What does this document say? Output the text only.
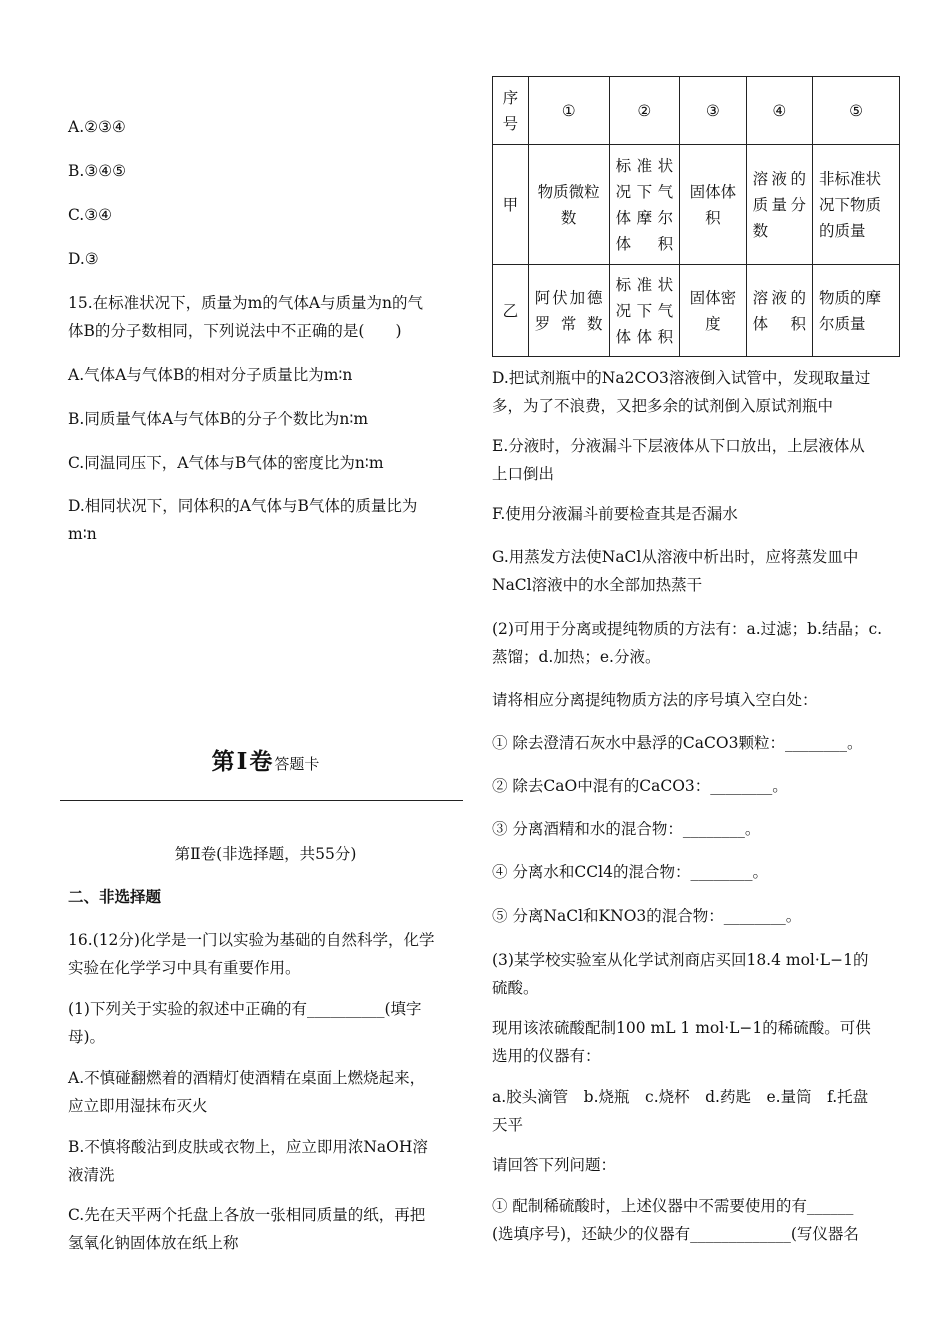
A.②③④

B.③④⑤

C.③④

D.③

15.在标准状况下，质量为m的气体A与质量为n的气

体B的分子数相同，下列说法中不正确的是(　　)

A.气体A与气体B的相对分子质量比为m∶n

B.同质量气体A与气体B的分子个数比为n∶m

C.同温同压下，A气体与B气体的密度比为n∶m

D.相同状况下，同体积的A气体与B气体的质量比为

m∶n

第Ⅰ卷答题卡

第Ⅱ卷(非选择题，共55分)

二、非选择题

16.(12分)化学是一门以实验为基础的自然科学，化学

实验在化学学习中具有重要作用。

(1)下列关于实验的叙述中正确的有__________(填字

母)。

A.不慎碰翻燃着的酒精灯使酒精在桌面上燃烧起来，

应立即用湿抹布灭火

B.不慎将酸沾到皮肤或衣物上，应立即用浓NaOH溶

液清洗

C.先在天平两个托盘上各放一张相同质量的纸，再把

氢氧化钠固体放在纸上称

序号	①	②	③	④	⑤
甲	物质微粒数	标准状况下气体摩尔体积	固体体积	溶液的质量分数	非标准状况下物质的质量
乙	阿伏加德罗常数	标准状况下气体体积	固体密度	溶液的体积	物质的摩尔质量

D.把试剂瓶中的Na2CO3溶液倒入试管中，发现取量过

多，为了不浪费，又把多余的试剂倒入原试剂瓶中

E.分液时，分液漏斗下层液体从下口放出，上层液体从

上口倒出

F.使用分液漏斗前要检查其是否漏水

G.用蒸发方法使NaCl从溶液中析出时，应将蒸发皿中

NaCl溶液中的水全部加热蒸干

(2)可用于分离或提纯物质的方法有：a.过滤；b.结晶；c.

蒸馏；d.加热；e.分液。

请将相应分离提纯物质方法的序号填入空白处：

① 除去澄清石灰水中悬浮的CaCO3颗粒：________。

② 除去CaO中混有的CaCO3：________。

③ 分离酒精和水的混合物：________。

④ 分离水和CCl4的混合物：________。

⑤ 分离NaCl和KNO3的混合物：________。

(3)某学校实验室从化学试剂商店买回18.4 mol·L−1的

硫酸。

现用该浓硫酸配制100 mL 1 mol·L−1的稀硫酸。可供

选用的仪器有：

a.胶头滴管　b.烧瓶　c.烧杯　d.药匙　e.量筒　f.托盘

天平

请回答下列问题：

① 配制稀硫酸时，上述仪器中不需要使用的有______

(选填序号)，还缺少的仪器有_____________(写仪器名
